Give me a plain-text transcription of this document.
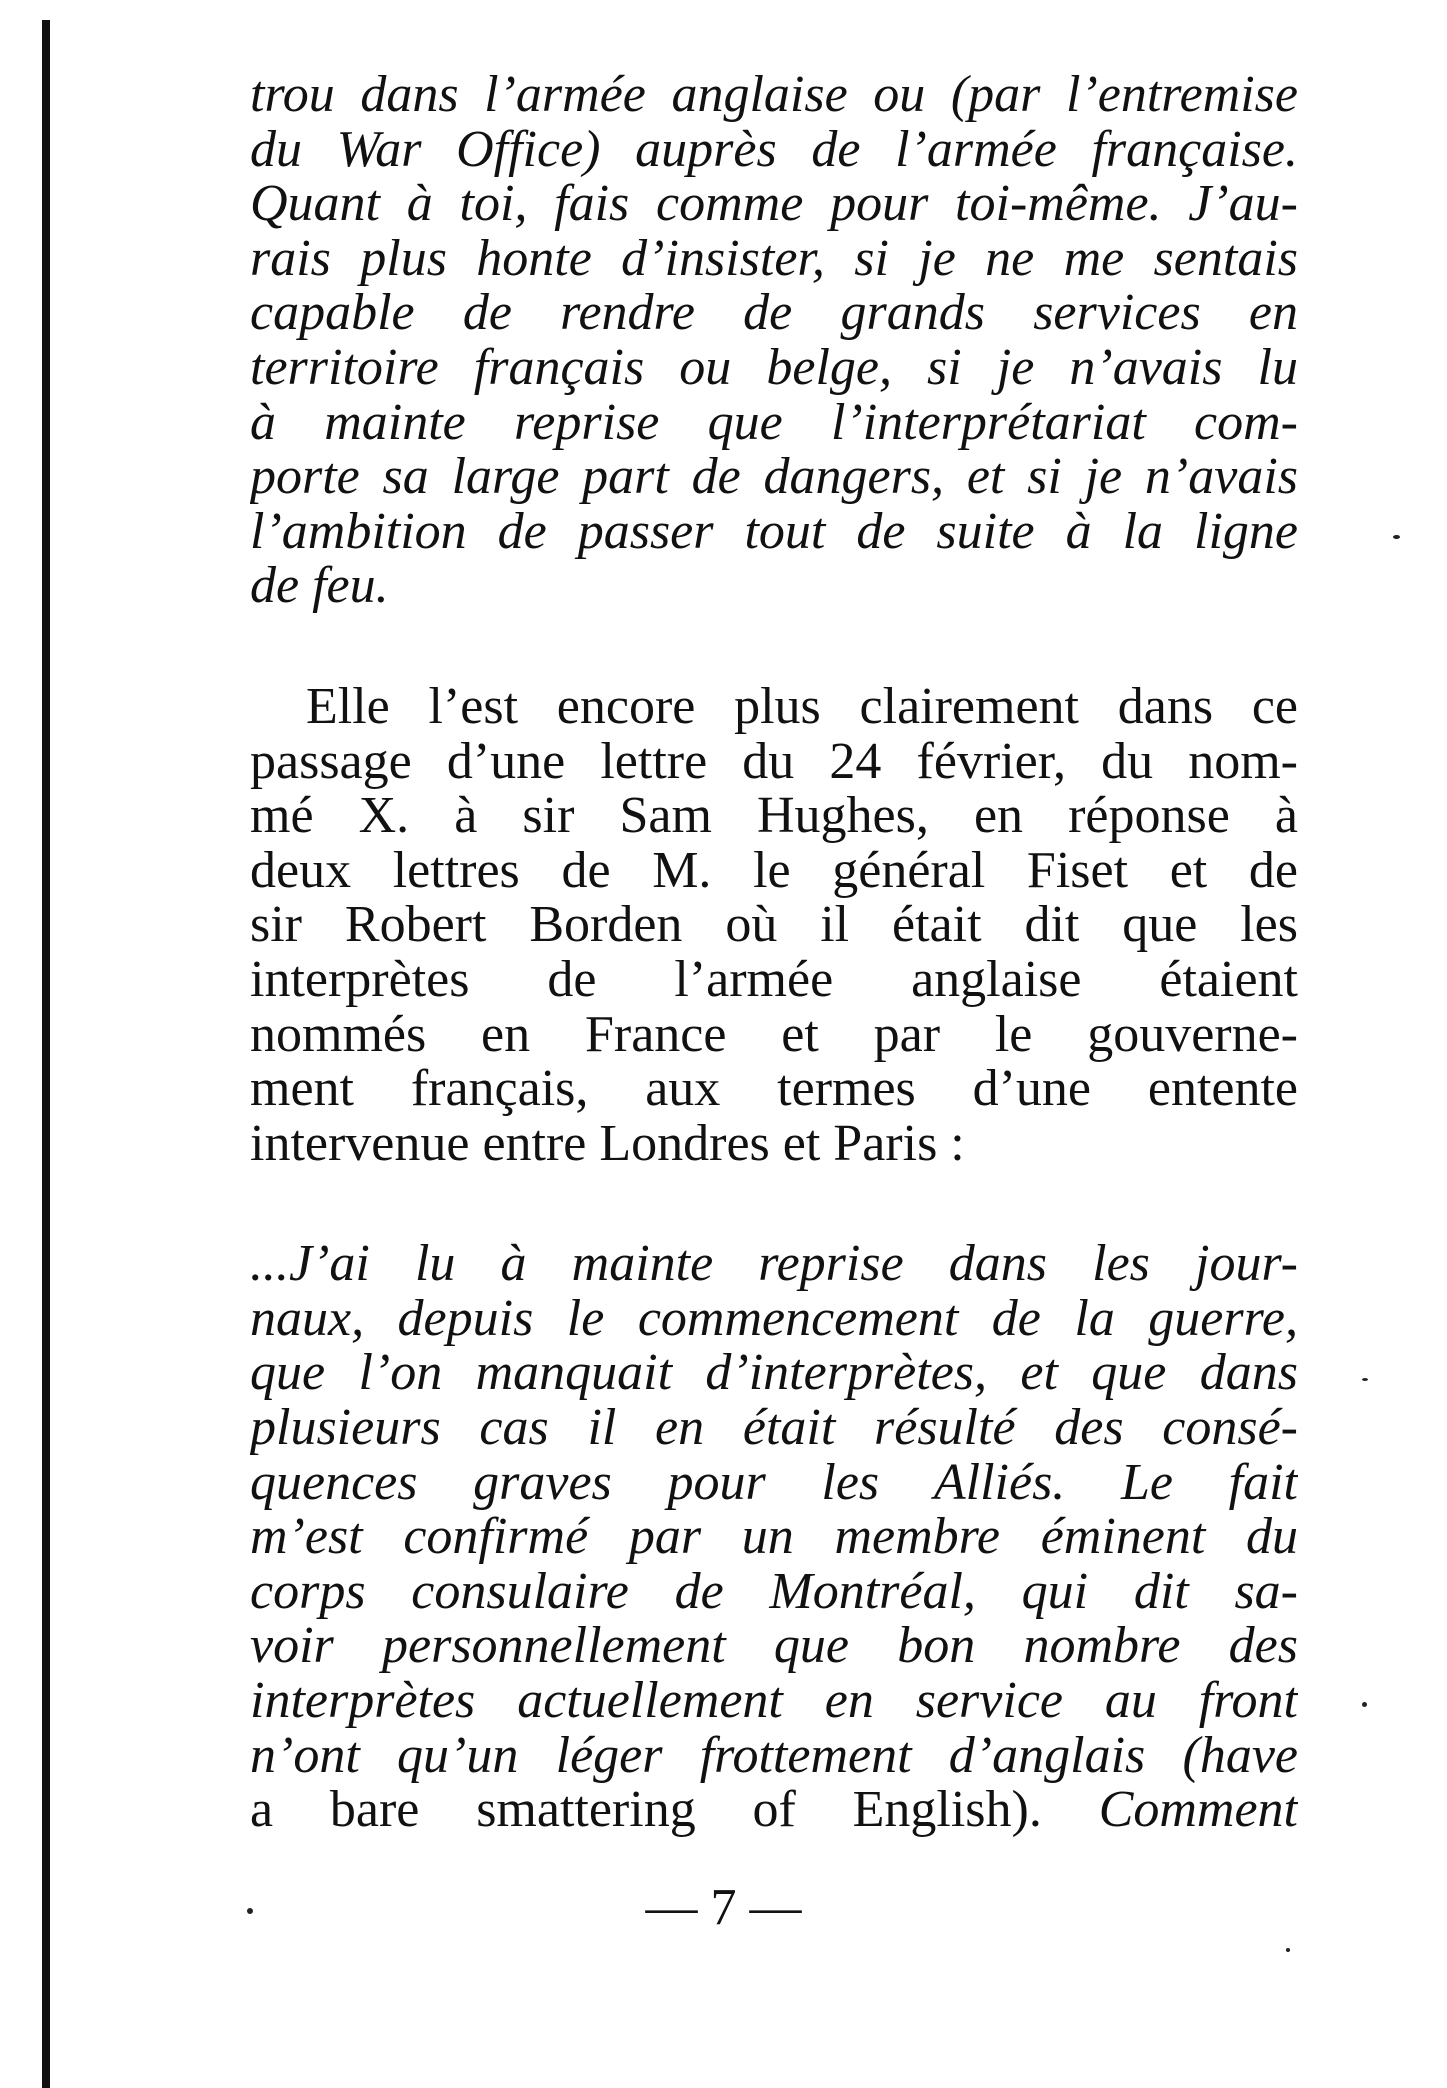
trou dans l’armée anglaise ou (par l’entremise
du War Office) auprès de l’armée française.
Quant à toi, fais comme pour toi-même. J’au-
rais plus honte d’insister, si je ne me sentais
capable de rendre de grands services en
territoire français ou belge, si je n’avais lu
à mainte reprise que l’interprétariat com-
porte sa large part de dangers, et si je n’avais
l’ambition de passer tout de suite à la ligne
de feu.
Elle l’est encore plus clairement dans ce
passage d’une lettre du 24 février, du nom-
mé X. à sir Sam Hughes, en réponse à
deux lettres de M. le général Fiset et de
sir Robert Borden où il était dit que les
interprètes de l’armée anglaise étaient
nommés en France et par le gouverne-
ment français, aux termes d’une entente
intervenue entre Londres et Paris :
...J’ai lu à mainte reprise dans les jour-
naux, depuis le commencement de la guerre,
que l’on manquait d’interprètes, et que dans
plusieurs cas il en était résulté des consé-
quences graves pour les Alliés. Le fait
m’est confirmé par un membre éminent du
corps consulaire de Montréal, qui dit sa-
voir personnellement que bon nombre des
interprètes actuellement en service au front
n’ont qu’un léger frottement d’anglais (have
a bare smattering of English). Comment
— 7 —
